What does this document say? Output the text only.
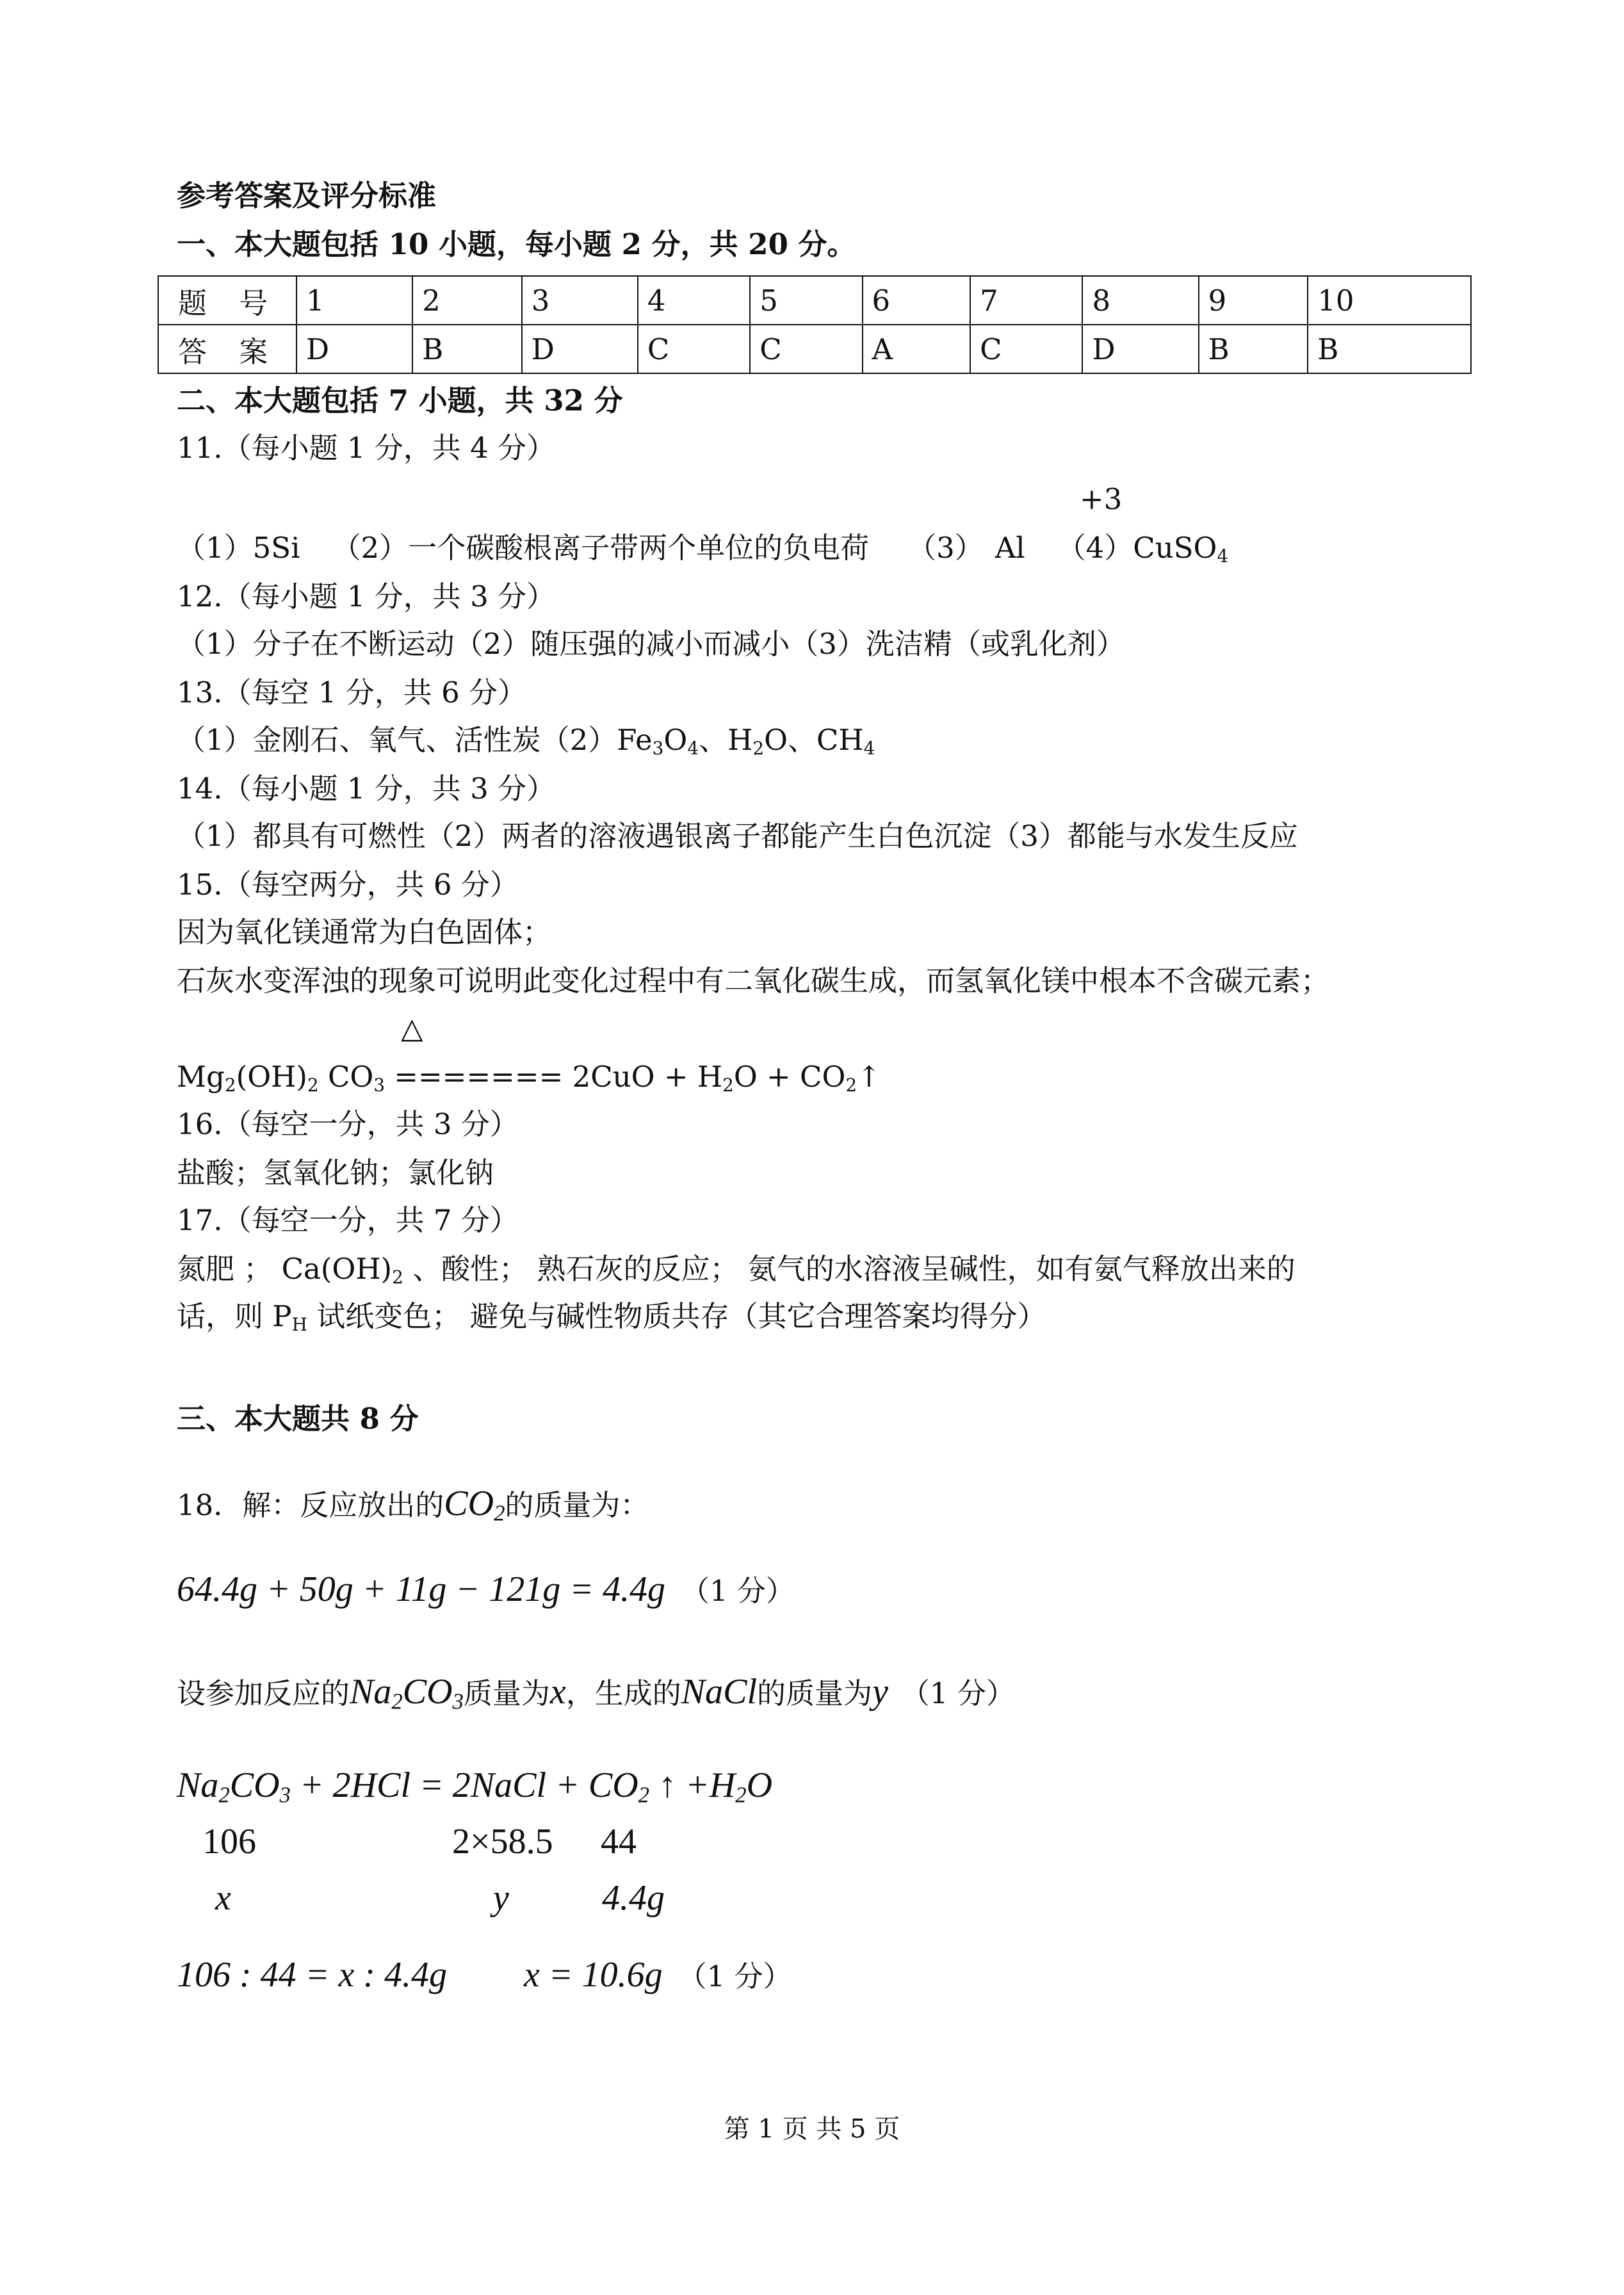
参考答案及评分标准
一、本大题包括 10 小题，每小题 2 分，共 20 分。
题 号	1	2	3	4	5	6	7	8	9	10
答 案	D	B	D	C	C	A	C	D	B	B
二、本大题包括 7 小题，共 32 分
11.（每小题 1 分，共 4 分）
+3
（1）5Si （2）一个碳酸根离子带两个单位的负电荷 （3） Al （4）CuSO$_4$
12.（每小题 1 分，共 3 分）
（1）分子在不断运动（2）随压强的减小而减小（3）洗洁精（或乳化剂）
13.（每空 1 分，共 6 分）
（1）金刚石、氧气、活性炭$(2)Fe_3O_4$、$H_2O$、$CH_4$
14.（每小题 1 分，共 3 分）
（1）都具有可燃性（2）两者的溶液遇银离子都能产生白色沉淀（3）都能与水发生反应
15.（每空两分，共 6 分）
因为氧化镁通常为白色固体；
石灰水变浑浊的现象可说明此变化过程中有二氧化碳生成，而氢氧化镁中根本不含碳元素；
△
$Mg_2(OH)_2$ $CO_3$ ======= $2CuO + H_2O$ + $CO_2↑$
16.（每空一分，共 3 分）
盐酸；氢氧化钠；氯化钠
17.（每空一分，共 7 分）
氮肥 ； $Ca(OH)_2$ 、酸性； 熟石灰的反应； 氨气的水溶液呈碱性，如有氨气释放出来的
话，则 $P_H$ 试纸变色； 避免与碱性物质共存（其它合理答案均得分）
三、本大题共 8 分
18．解：反应放出的$CO_2$的质量为：
64.4g + 50g + 11g − 121g = 4.4g （1 分）
设参加反应的$Na_2CO_3$质量为x，生成的NaCl的质量为y （1 分）
$Na_2CO_3 + 2HCl$ = 2NaCl + $CO_2$ ↑ $+H_2O$
106	2×58.5 44
x	y	4.4g
106 : 44 = x : 4.4g x = 10.6g （1 分）
第 1 页 共 5 页
